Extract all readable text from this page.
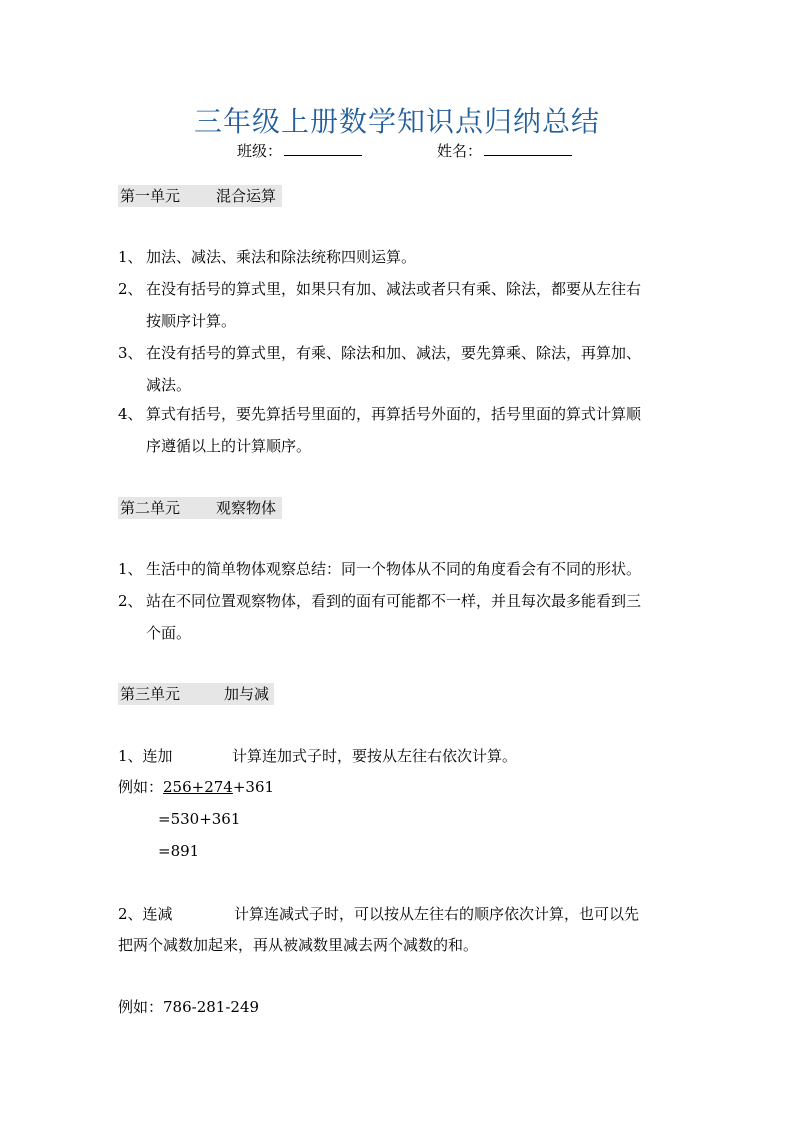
三年级上册数学知识点归纳总结
班级：	姓名：
第一单元 混合运算
1、 加法、减法、乘法和除法统称四则运算。
2、 在没有括号的算式里，如果只有加、减法或者只有乘、除法，都要从左往右
按顺序计算。
3、 在没有括号的算式里，有乘、除法和加、减法，要先算乘、除法，再算加、
减法。
4、 算式有括号，要先算括号里面的，再算括号外面的，括号里面的算式计算顺
序遵循以上的计算顺序。
第二单元 观察物体
1、 生活中的简单物体观察总结：同一个物体从不同的角度看会有不同的形状。
2、 站在不同位置观察物体，看到的面有可能都不一样，并且每次最多能看到三
个面。
第三单元	加与减
1、连加	计算连加式子时，要按从左往右依次计算。
例如：256+274+361
=530+361
=891
2、连减	计算连减式子时，可以按从左往右的顺序依次计算，也可以先
把两个减数加起来，再从被减数里减去两个减数的和。
例如：786-281-249
